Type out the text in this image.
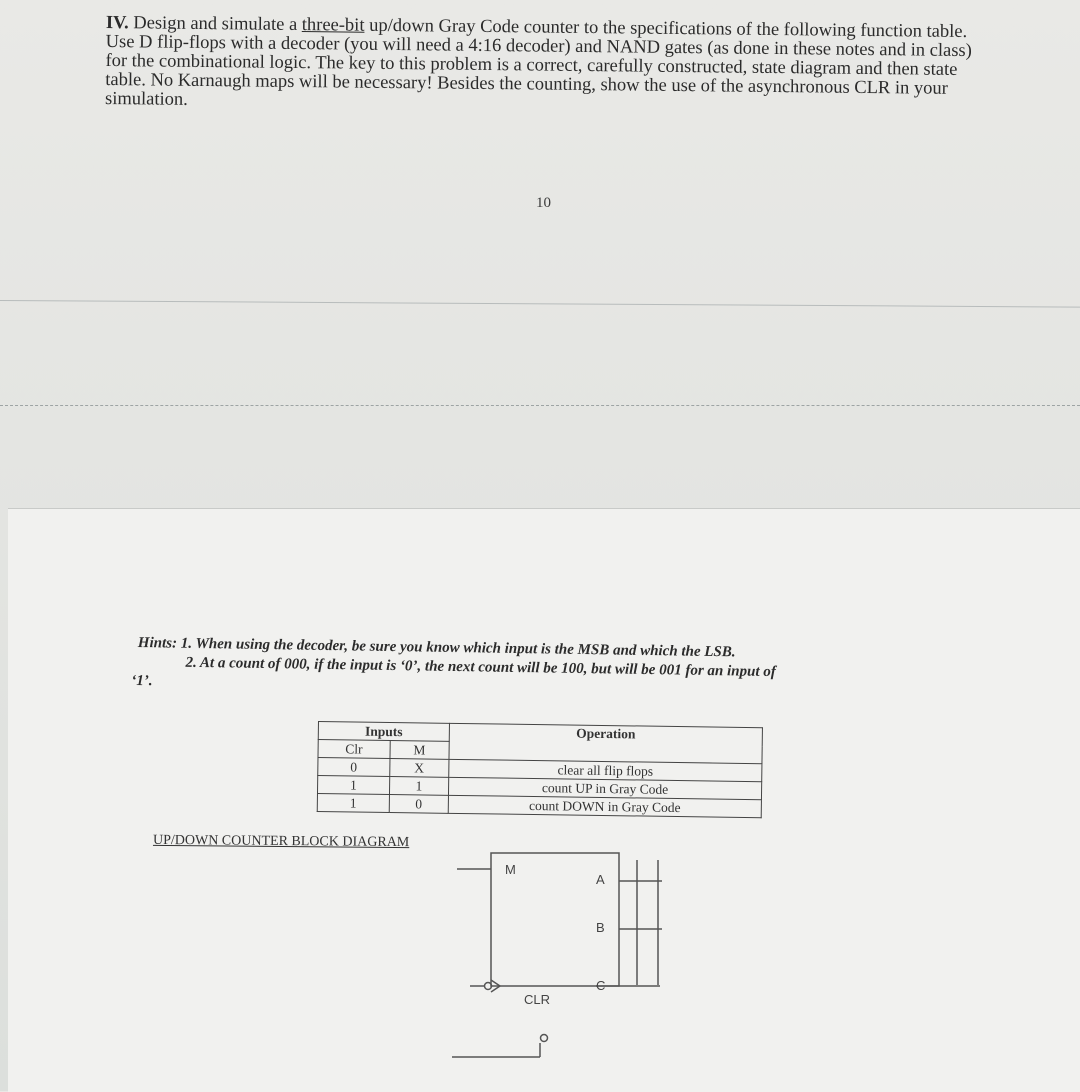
IV. Design and simulate a three-bit up/down Gray Code counter to the specifications of the following function table. Use D flip-flops with a decoder (you will need a 4:16 decoder) and NAND gates (as done in these notes and in class) for the combinational logic. The key to this problem is a correct, carefully constructed, state diagram and then state table. No Karnaugh maps will be necessary! Besides the counting, show the use of the asynchronous CLR in your simulation.
10

Hints: 1. When using the decoder, be sure you know which input is the MSB and which the LSB.

2. At a count of 000, if the input is ‘0’, the next count will be 100, but will be 001 for an input of

‘1’.

Inputs		Operation
Clr	M	
0	X	clear all flip flops
1	1	count UP in Gray Code
1	0	count DOWN in Gray Code
UP/DOWN COUNTER BLOCK DIAGRAM
M
A
B
C
CLR
